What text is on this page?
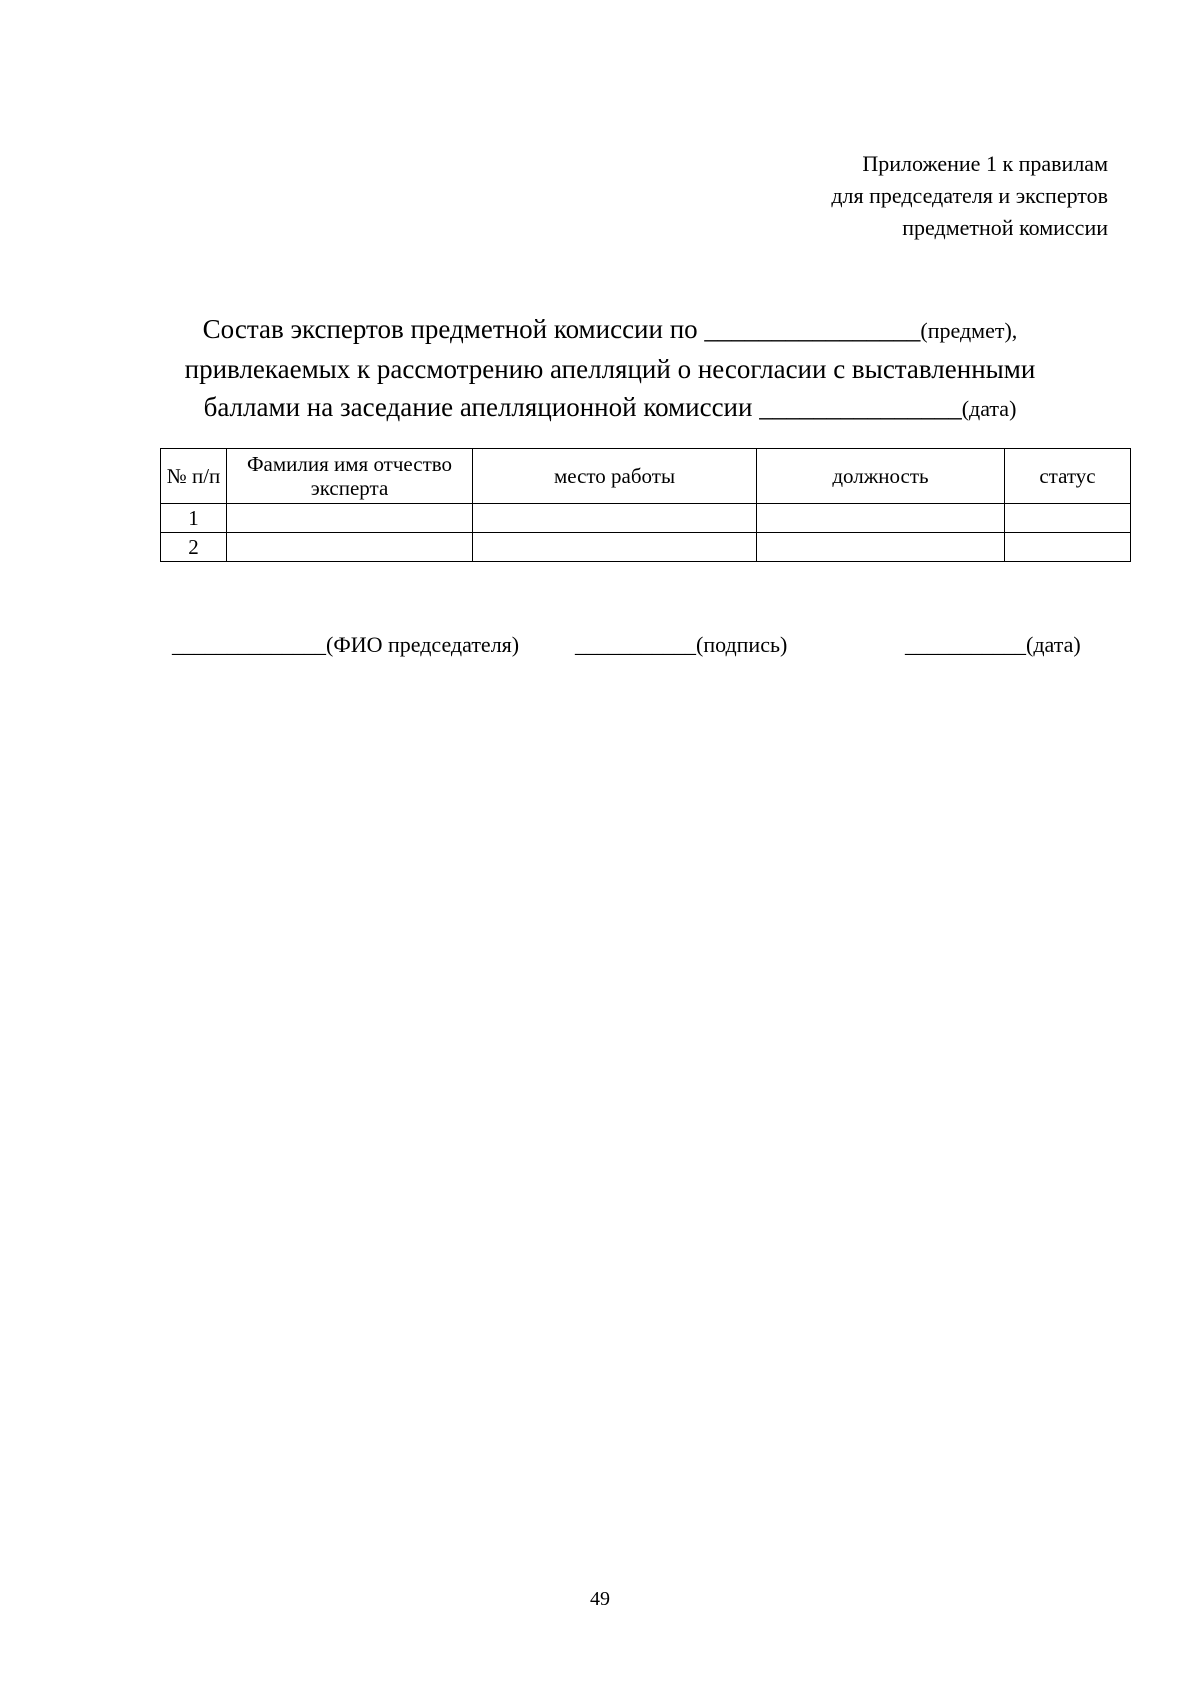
Приложение 1 к правилам
для председателя и экспертов
предметной комиссии
Состав экспертов предметной комиссии по ________________(предмет),
привлекаемых к рассмотрению апелляций о несогласии с выставленными
баллами на заседание апелляционной комиссии _______________(дата)
№ п/п	Фамилия имя отчество эксперта	место работы	должность	статус
1				
2				
______________(ФИО председателя)	___________(подпись)	___________(дата)
49
